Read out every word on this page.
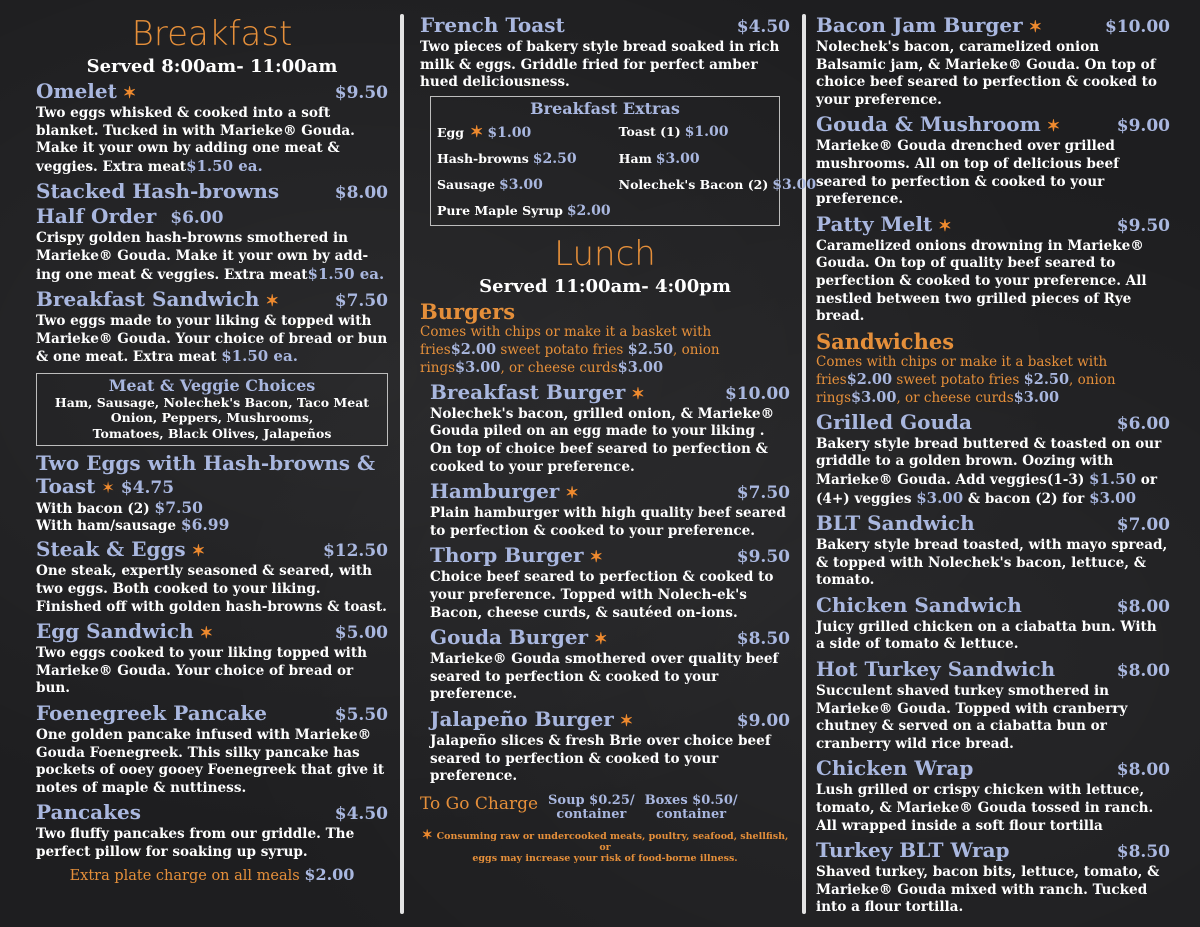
Breakfast
Served 8:00am- 11:00am
Omelet ✶	$9.50
Two eggs whisked & cooked into a soft blanket. Tucked in with Marieke® Gouda. Make it your own by adding one meat & veggies. Extra meat$1.50 ea.
Stacked Hash-browns	$8.00
Half Order $6.00
Crispy golden hash-browns smothered in Marieke® Gouda. Make it your own by add-ing one meat & veggies. Extra meat$1.50 ea.
Breakfast Sandwich ✶	$7.50
Two eggs made to your liking & topped with Marieke® Gouda. Your choice of bread or bun & one meat. Extra meat $1.50 ea.
Meat & Veggie Choices
Ham, Sausage, Nolechek's Bacon, Taco Meat
Onion, Peppers, Mushrooms,
Tomatoes, Black Olives, Jalapeños
Two Eggs with Hash-browns &
Toast ✶ $4.75
With bacon (2) $7.50
With ham/sausage $6.99
Steak & Eggs ✶	$12.50
One steak, expertly seasoned & seared, with two eggs. Both cooked to your liking. Finished off with golden hash-browns & toast.
Egg Sandwich ✶	$5.00
Two eggs cooked to your liking topped with Marieke® Gouda. Your choice of bread or bun.
Foenegreek Pancake	$5.50
One golden pancake infused with Marieke® Gouda Foenegreek. This silky pancake has pockets of ooey gooey Foenegreek that give it notes of maple & nuttiness.
Pancakes	$4.50
Two fluffy pancakes from our griddle. The perfect pillow for soaking up syrup.
Extra plate charge on all meals $2.00
French Toast	$4.50
Two pieces of bakery style bread soaked in rich milk & eggs. Griddle fried for perfect amber hued deliciousness.
Breakfast Extras
Egg ✶ $1.00	Toast (1) $1.00
Hash-browns $2.50	Ham $3.00
Sausage $3.00	Nolechek's Bacon (2) $3.00
Pure Maple Syrup $2.00
Lunch
Served 11:00am- 4:00pm
Burgers
Comes with chips or make it a basket with fries$2.00 sweet potato fries $2.50, onion rings$3.00, or cheese curds$3.00
Breakfast Burger ✶	$10.00
Nolechek's bacon, grilled onion, & Marieke® Gouda piled on an egg made to your liking . On top of choice beef seared to perfection & cooked to your preference.
Hamburger ✶	$7.50
Plain hamburger with high quality beef seared to perfection & cooked to your preference.
Thorp Burger ✶	$9.50
Choice beef seared to perfection & cooked to your preference. Topped with Nolech-ek's Bacon, cheese curds, & sautéed on-ions.
Gouda Burger ✶	$8.50
Marieke® Gouda smothered over quality beef seared to perfection & cooked to your preference.
Jalapeño Burger ✶	$9.00
Jalapeño slices & fresh Brie over choice beef seared to perfection & cooked to your preference.
To Go Charge Soup $0.25/
container
Boxes $0.50/
container
✶ Consuming raw or undercooked meats, poultry, seafood, shellfish, or
eggs may increase your risk of food-borne illness.
Bacon Jam Burger ✶	$10.00
Nolechek's bacon, caramelized onion Balsamic jam, & Marieke® Gouda. On top of choice beef seared to perfection & cooked to your preference.
Gouda & Mushroom ✶	$9.00
Marieke® Gouda drenched over grilled mushrooms. All on top of delicious beef seared to perfection & cooked to your preference.
Patty Melt ✶	$9.50
Caramelized onions drowning in Marieke® Gouda. On top of quality beef seared to perfection & cooked to your preference. All nestled between two grilled pieces of Rye bread.
Sandwiches
Comes with chips or make it a basket with fries$2.00 sweet potato fries $2.50, onion rings$3.00, or cheese curds$3.00
Grilled Gouda	$6.00
Bakery style bread buttered & toasted on our griddle to a golden brown. Oozing with Marieke® Gouda. Add veggies(1-3) $1.50 or (4+) veggies $3.00 & bacon (2) for $3.00
BLT Sandwich	$7.00
Bakery style bread toasted, with mayo spread, & topped with Nolechek's bacon, lettuce, & tomato.
Chicken Sandwich	$8.00
Juicy grilled chicken on a ciabatta bun. With a side of tomato & lettuce.
Hot Turkey Sandwich	$8.00
Succulent shaved turkey smothered in Marieke® Gouda. Topped with cranberry chutney & served on a ciabatta bun or cranberry wild rice bread.
Chicken Wrap	$8.00
Lush grilled or crispy chicken with lettuce, tomato, & Marieke® Gouda tossed in ranch. All wrapped inside a soft flour tortilla
Turkey BLT Wrap	$8.50
Shaved turkey, bacon bits, lettuce, tomato, & Marieke® Gouda mixed with ranch. Tucked into a flour tortilla.
